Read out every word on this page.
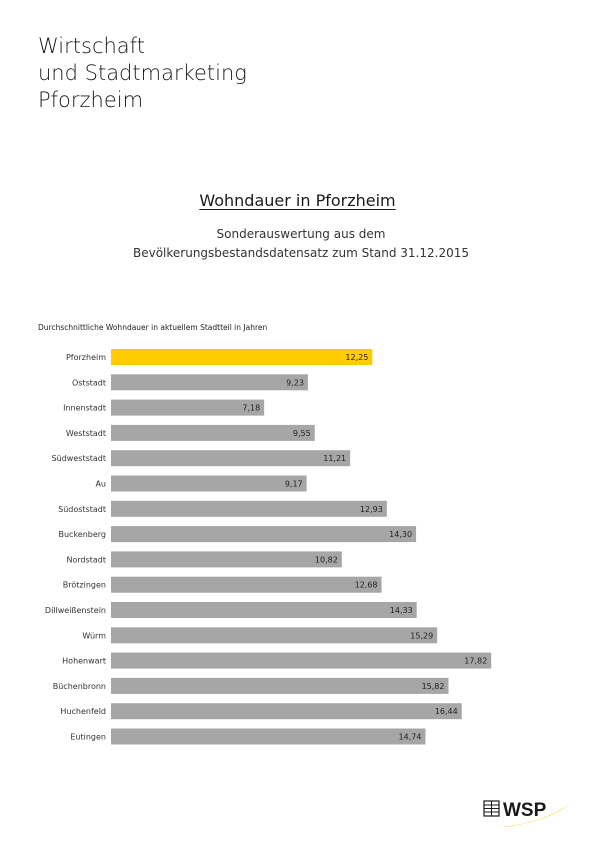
Wirtschaft
und Stadtmarketing
Pforzheim
Wohndauer in Pforzheim
Sonderauswertung aus dem
Bevölkerungsbestandsdatensatz zum Stand 31.12.2015
Durchschnittliche Wohndauer in aktuellem Stadtteil in Jahren
Pforzheim	12,25
Oststadt	9,23
Innenstadt	7,18
Weststadt	9,55
Südweststadt	11,21
Au	9,17
Südoststadt	12,93
Buckenberg	14,30
Nordstadt	10,82
Brötzingen	12,68
Dillweißenstein	14,33
Würm	15,29
Hohenwart	17,82
Büchenbronn	15,82
Huchenfeld	16,44
Eutingen	14,74
WSP
